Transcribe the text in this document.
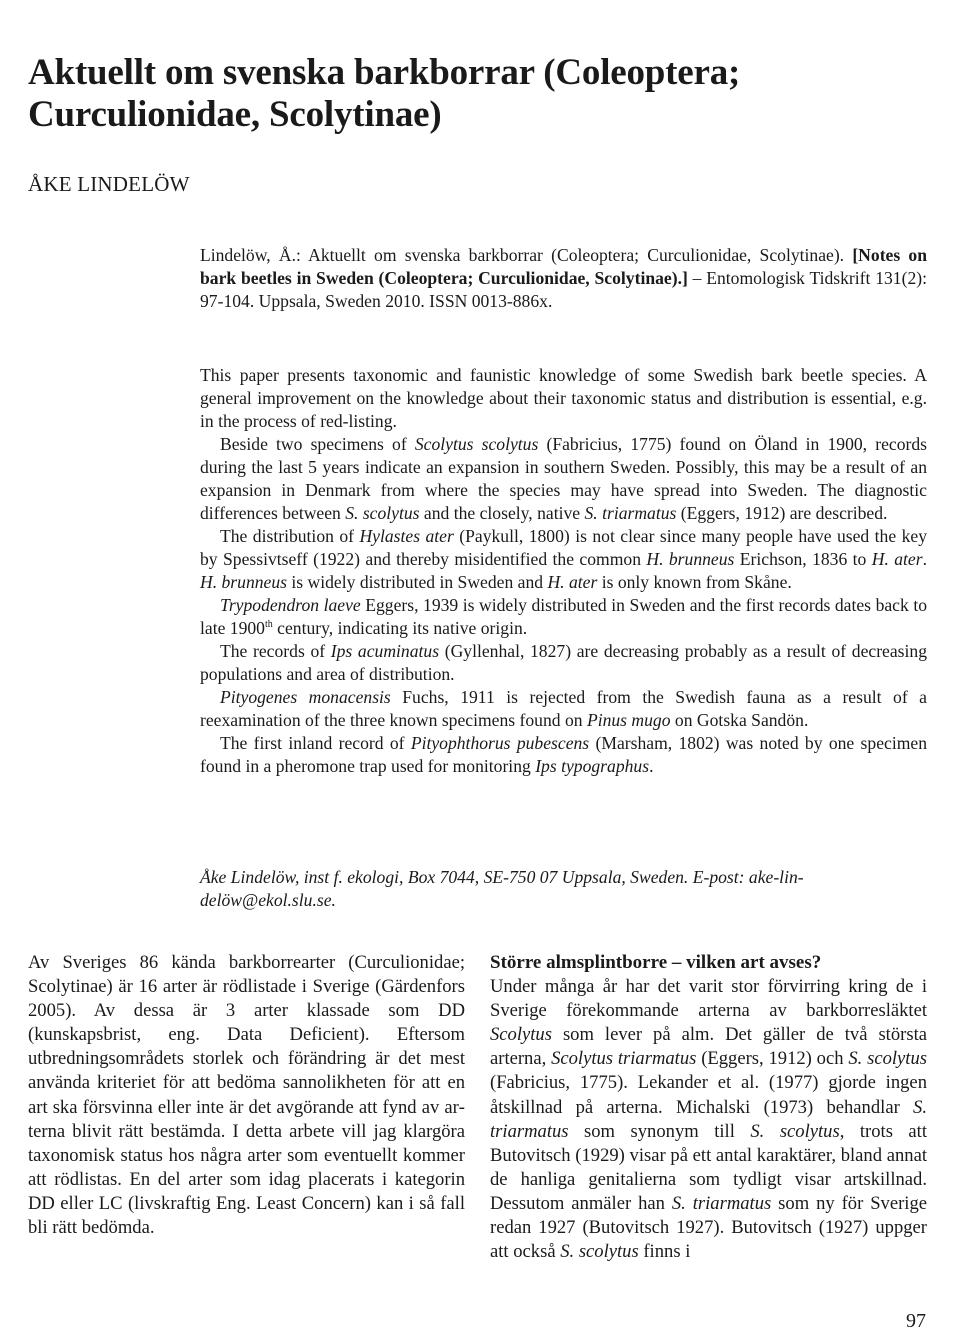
Aktuellt om svenska barkborrar (Coleoptera;
Curculionidae, Scolytinae)
ÅKE LINDELÖW
Lindelöw, Å.: Aktuellt om svenska barkborrar (Coleoptera; Curculionidae, Scolytinae). [Notes on bark beetles in Sweden (Coleoptera; Curculionidae, Scolytinae).] – Entomologisk Tidskrift 131(2): 97-104. Uppsala, Sweden 2010. ISSN 0013-886x.

This paper presents taxonomic and faunistic knowledge of some Swedish bark beetle species. A general improvement on the knowledge about their taxonomic status and distribution is essential, e.g. in the process of red-listing.

Beside two specimens of Scolytus scolytus (Fabricius, 1775) found on Öland in 1900, records during the last 5 years indicate an expansion in southern Sweden. Possibly, this may be a result of an expansion in Denmark from where the species may have spread into Sweden. The diagnostic differences between S. scolytus and the closely, native S. triarmatus (Eggers, 1912) are described.

The distribution of Hylastes ater (Paykull, 1800) is not clear since many people have used the key by Spessivtseff (1922) and thereby misidentified the common H. brunneus Erichson, 1836 to H. ater. H. brunneus is widely distributed in Sweden and H. ater is only known from Skåne.

Trypodendron laeve Eggers, 1939 is widely distributed in Sweden and the first records dates back to late 1900th century, indicating its native origin.

The records of Ips acuminatus (Gyllenhal, 1827) are decreasing probably as a result of decreasing populations and area of distribution.

Pityogenes monacensis Fuchs, 1911 is rejected from the Swedish fauna as a result of a reexamination of the three known specimens found on Pinus mugo on Gotska Sandön.

The first inland record of Pityophthorus pubescens (Marsham, 1802) was noted by one specimen found in a pheromone trap used for monitoring Ips typographus.

Åke Lindelöw, inst f. ekologi, Box 7044, SE-750 07 Uppsala, Sweden. E-post: ake-lindelöw@ekol.slu.se.

Av Sveriges 86 kända barkborrearter (Curculionidae; Scolytinae) är 16 arter är rödlistade i Sverige (Gärdenfors 2005). Av dessa är 3 arter klassade som DD (kunskapsbrist, eng. Data Deficient). Eftersom utbredningsområdets storlek och förändring är det mest använda kriteriet för att bedöma sannolikheten för att en art ska försvinna eller inte är det avgörande att fynd av arterna blivit rätt bestämda. I detta arbete vill jag klargöra taxonomisk status hos några arter som eventuellt kommer att rödlistas. En del arter som idag placerats i kategorin DD eller LC (livskraftig Eng. Least Concern) kan i så fall bli rätt bedömda.

Större almsplintborre – vilken art avses?

Under många år har det varit stor förvirring kring de i Sverige förekommande arterna av barkborresläktet Scolytus som lever på alm. Det gäller de två största arterna, Scolytus triarmatus (Eggers, 1912) och S. scolytus (Fabricius, 1775). Lekander et al. (1977) gjorde ingen åtskillnad på arterna. Michalski (1973) behandlar S. triarmatus som synonym till S. scolytus, trots att Butovitsch (1929) visar på ett antal karaktärer, bland annat de hanliga genitalierna som tydligt visar artskillnad. Dessutom anmäler han S. triarmatus som ny för Sverige redan 1927 (Butovitsch 1927). Butovitsch (1927) uppger att också S. scolytus finns i

97
